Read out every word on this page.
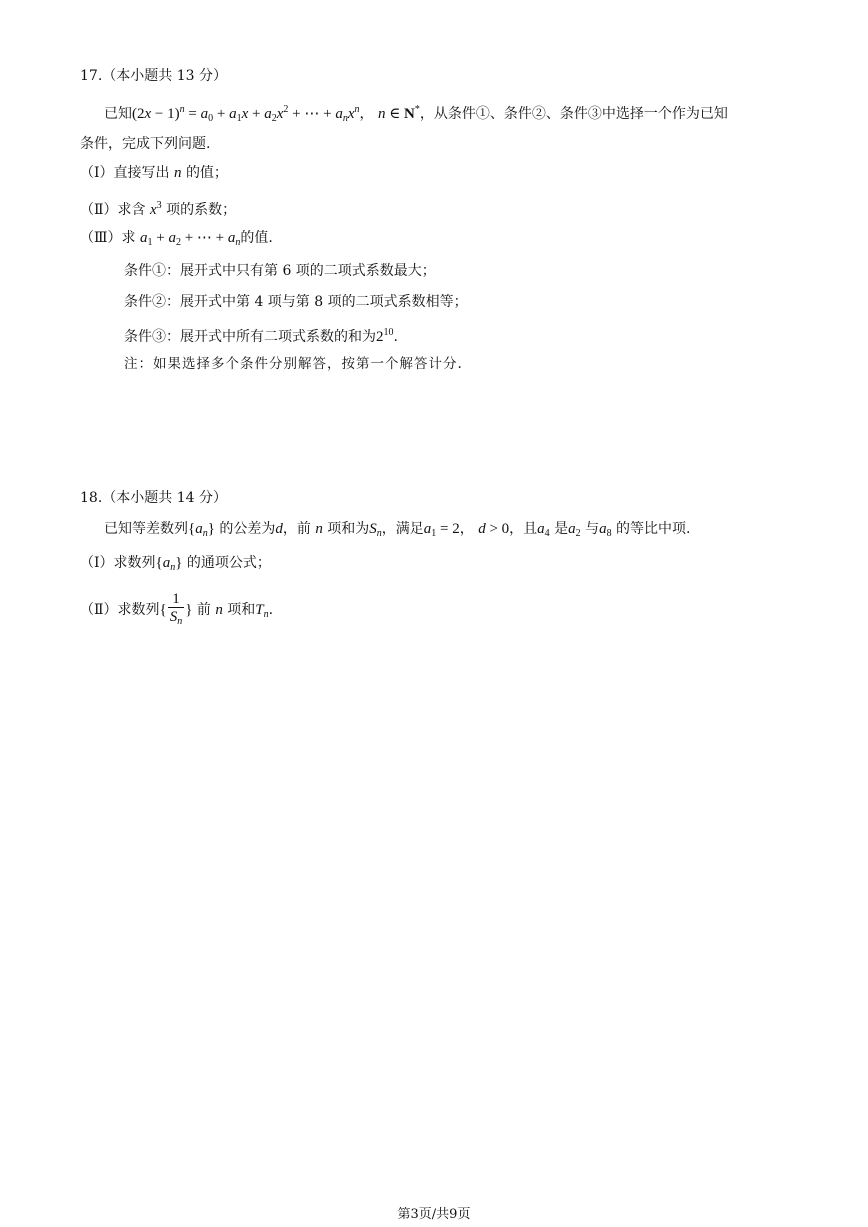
17.（本小题共 13 分）
已知$(2x - 1)^n = a_0 + a_1x + a_2x^2$ + ⋯ + $a_nx^n$， n ∈ N*，从条件①、条件②、条件③中选择一个作为已知
条件，完成下列问题.
（Ⅰ）直接写出 n 的值；
（Ⅱ）求含 $x^3$ 项的系数；
（Ⅲ）求 $a_1 + a_2$ + ⋯ + $a_n$的值.
条件①：展开式中只有第 6 项的二项式系数最大；
条件②：展开式中第 4 项与第 8 项的二项式系数相等；
条件③：展开式中所有二项式系数的和为$2^{10}$.
注：如果选择多个条件分别解答，按第一个解答计分.
18.（本小题共 14 分）
已知等差数列$\{a_n\}$ 的公差为d，前 n 项和为$S_n$，满足$a_1 = 2$， d > 0，且$a_4$ 是$a_2$ 与$a_8$ 的等比中项.
（Ⅰ）求数列$\{a_n\}$ 的通项公式；
（Ⅱ）求数列{ $\frac{1}{S_n}$ } 前 n 项和$T_n$.
第3页/共9页
